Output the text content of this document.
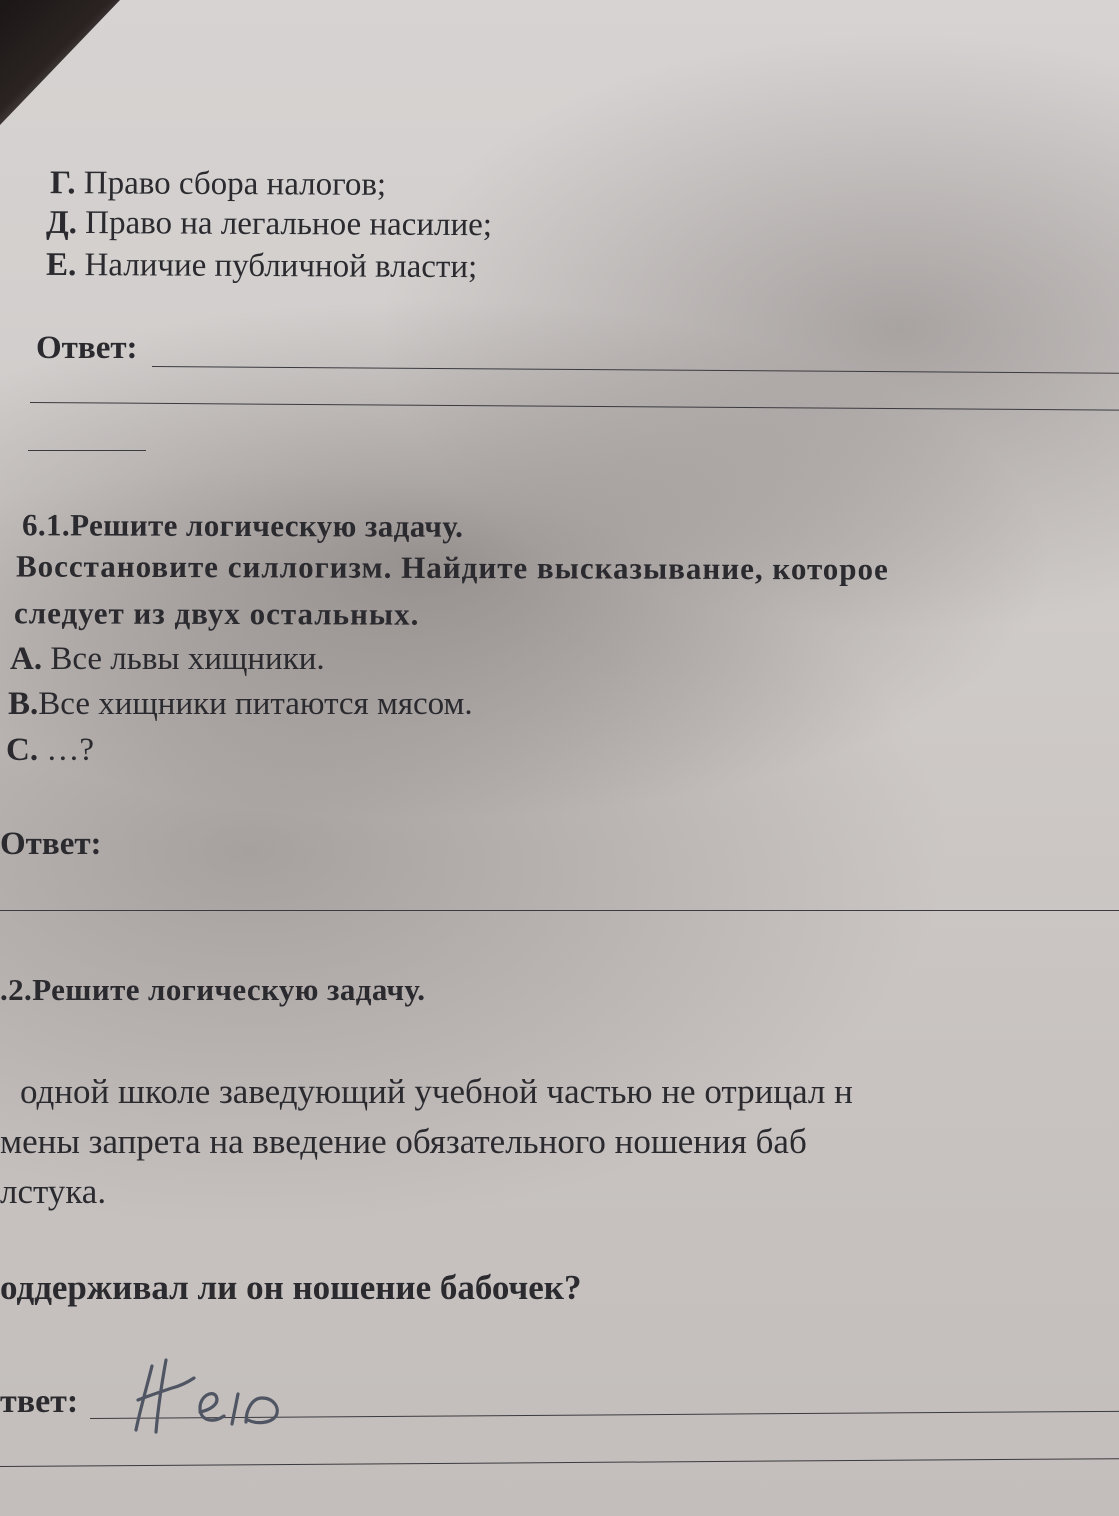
Г. Право сбора налогов;
Д. Право на легальное насилие;
Е. Наличие публичной власти;
Ответ:
6.1.Решите логическую задачу.
Восстановите силлогизм. Найдите высказывание, которое
следует из двух остальных.
А. Все львы хищники.
В.Все хищники питаются мясом.
С. …?
Ответ:
.2.Решите логическую задачу.
одной школе заведующий учебной частью не отрицал н
мены запрета на введение обязательного ношения баб
лстука.
оддерживал ли он ношение бабочек?
твет:
